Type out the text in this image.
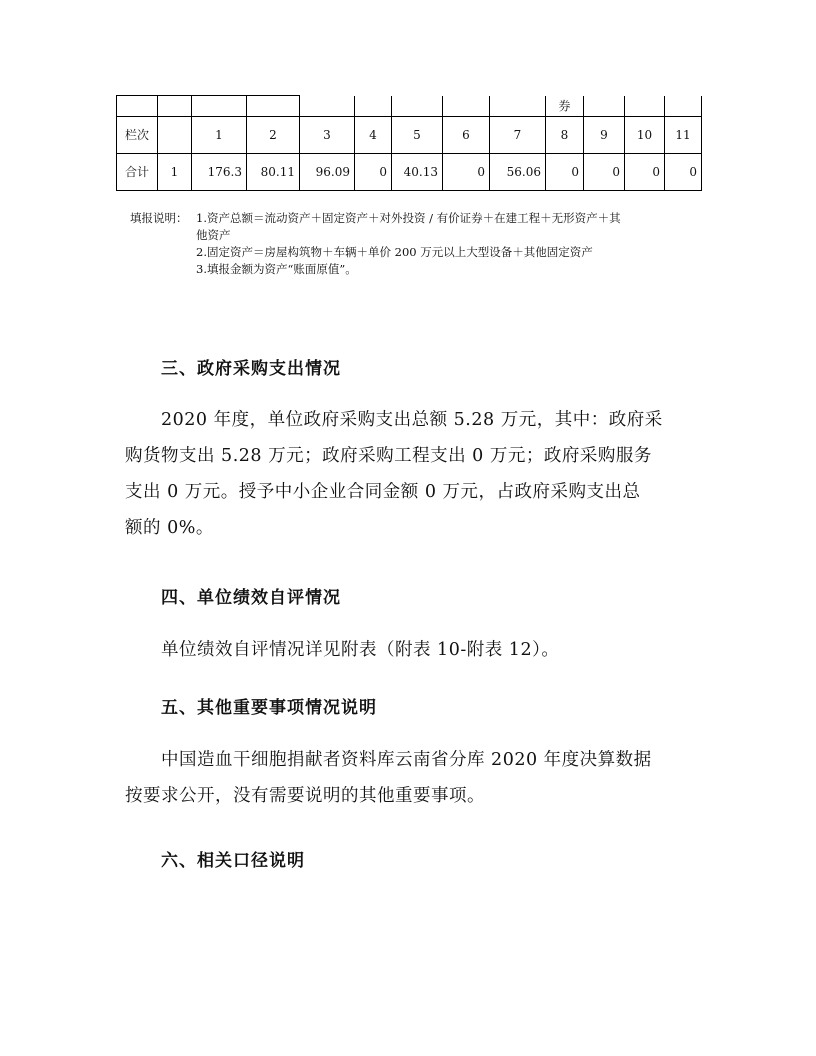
									券			
栏次		1	2	3	4	5	6	7	8	9	10	11
合计	1	176.3	80.11	96.09	0	40.13	0	56.06	0	0	0	0
填报说明： 1.资产总额＝流动资产＋固定资产＋对外投资 / 有价证券＋在建工程＋无形资产＋其
他资产
2.固定资产＝房屋构筑物＋车辆＋单价 200 万元以上大型设备＋其他固定资产
3.填报金额为资产“账面原值”。
三、政府采购支出情况
2020 年度，单位政府采购支出总额 5.28 万元，其中：政府采
购货物支出 5.28 万元；政府采购工程支出 0 万元；政府采购服务
支出 0 万元。授予中小企业合同金额 0 万元，占政府采购支出总
额的 0%。
四、单位绩效自评情况
单位绩效自评情况详见附表（附表 10-附表 12）。
五、其他重要事项情况说明
中国造血干细胞捐献者资料库云南省分库 2020 年度决算数据
按要求公开，没有需要说明的其他重要事项。
六、相关口径说明
